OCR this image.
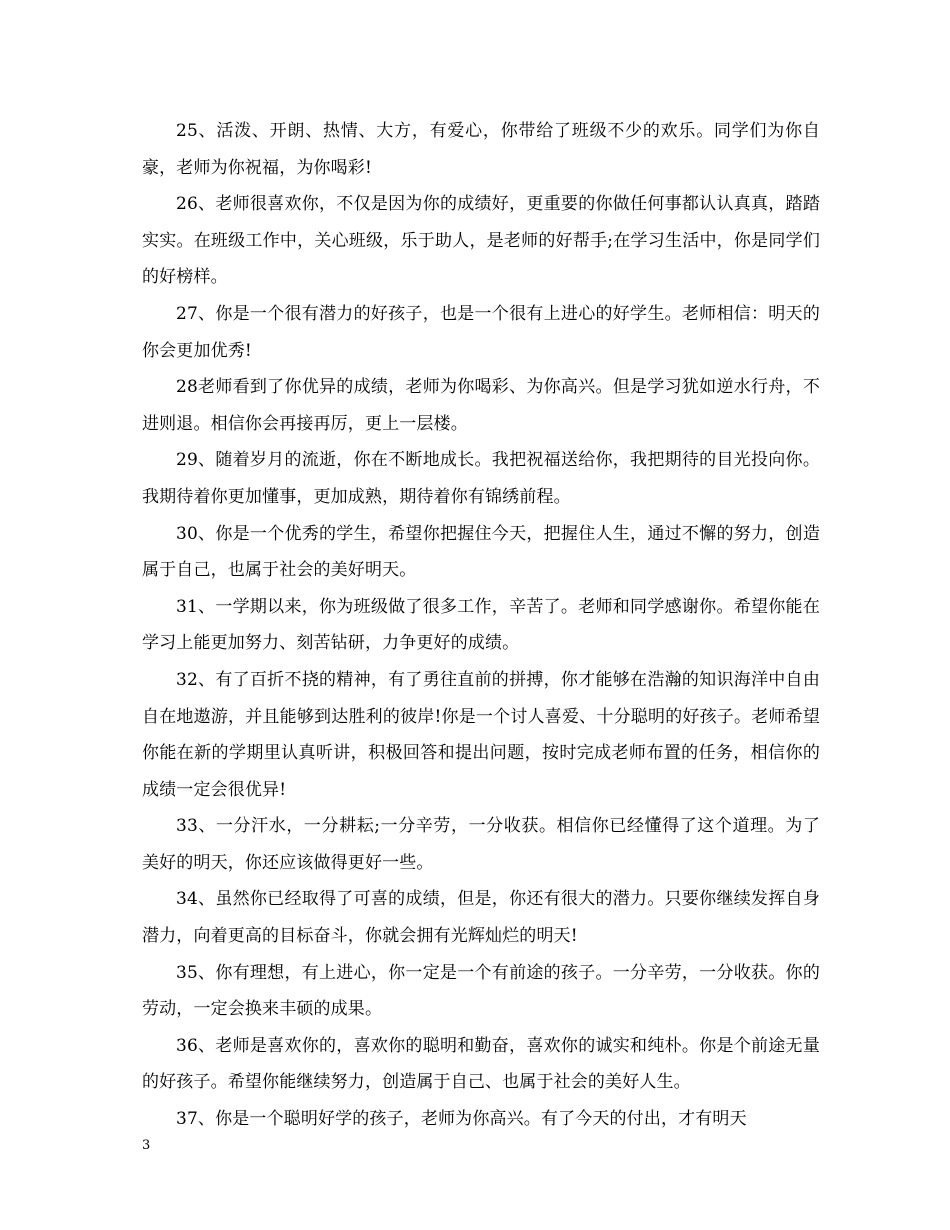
25、活泼、开朗、热情、大方，有爱心，你带给了班级不少的欢乐。同学们为你自豪，老师为你祝福，为你喝彩!

26、老师很喜欢你，不仅是因为你的成绩好，更重要的你做任何事都认认真真，踏踏实实。在班级工作中，关心班级，乐于助人，是老师的好帮手;在学习生活中，你是同学们的好榜样。

27、你是一个很有潜力的好孩子，也是一个很有上进心的好学生。老师相信：明天的你会更加优秀!

28老师看到了你优异的成绩，老师为你喝彩、为你高兴。但是学习犹如逆水行舟，不进则退。相信你会再接再厉，更上一层楼。

29、随着岁月的流逝，你在不断地成长。我把祝福送给你，我把期待的目光投向你。我期待着你更加懂事，更加成熟，期待着你有锦绣前程。

30、你是一个优秀的学生，希望你把握住今天，把握住人生，通过不懈的努力，创造属于自己，也属于社会的美好明天。

31、一学期以来，你为班级做了很多工作，辛苦了。老师和同学感谢你。希望你能在学习上能更加努力、刻苦钻研，力争更好的成绩。

32、有了百折不挠的精神，有了勇往直前的拼搏，你才能够在浩瀚的知识海洋中自由自在地遨游，并且能够到达胜利的彼岸!你是一个讨人喜爱、十分聪明的好孩子。老师希望你能在新的学期里认真听讲，积极回答和提出问题，按时完成老师布置的任务，相信你的成绩一定会很优异!

33、一分汗水，一分耕耘;一分辛劳，一分收获。相信你已经懂得了这个道理。为了美好的明天，你还应该做得更好一些。

34、虽然你已经取得了可喜的成绩，但是，你还有很大的潜力。只要你继续发挥自身潜力，向着更高的目标奋斗，你就会拥有光辉灿烂的明天!

35、你有理想，有上进心，你一定是一个有前途的孩子。一分辛劳，一分收获。你的劳动，一定会换来丰硕的成果。

36、老师是喜欢你的，喜欢你的聪明和勤奋，喜欢你的诚实和纯朴。你是个前途无量的好孩子。希望你能继续努力，创造属于自己、也属于社会的美好人生。

37、你是一个聪明好学的孩子，老师为你高兴。有了今天的付出，才有明天

3
